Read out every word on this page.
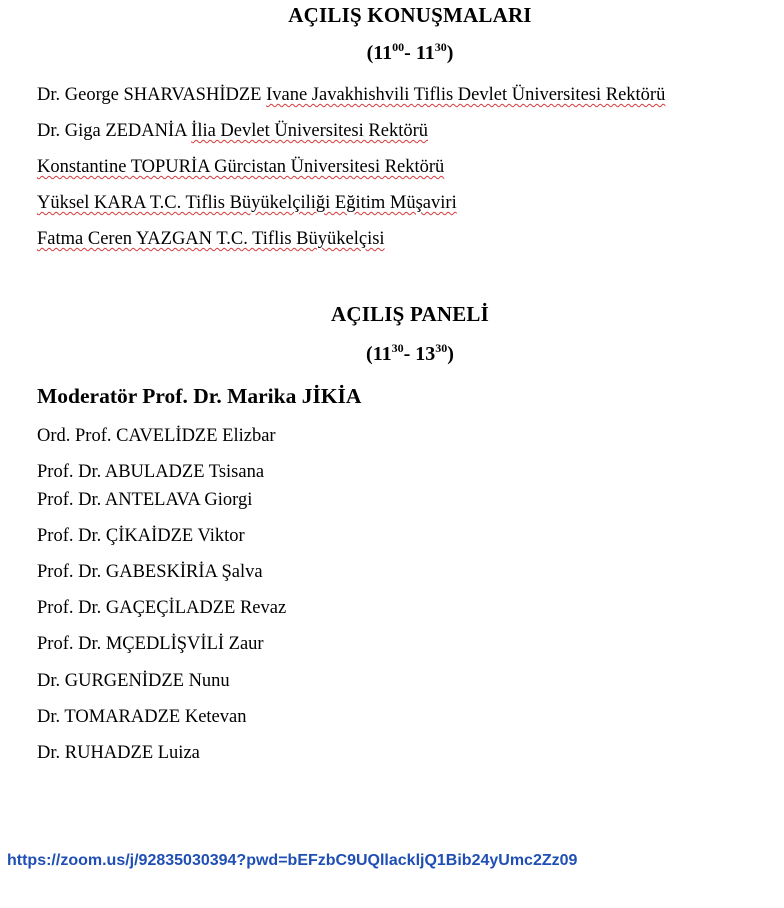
AÇILIŞ KONUŞMALARI
($11^{00}-$ $11^{30}$)
Dr. George SHARVASHİDZE Ivane Javakhishvili Tiflis Devlet Üniversitesi Rektörü
Dr. Giga ZEDANİA İlia Devlet Üniversitesi Rektörü
Konstantine TOPURİA Gürcistan Üniversitesi Rektörü
Yüksel KARA T.C. Tiflis Büyükelçiliği Eğitim Müşaviri
Fatma Ceren YAZGAN T.C. Tiflis Büyükelçisi
AÇILIŞ PANELİ
($11^{30}-$ $13^{30}$)
Moderatör Prof. Dr. Marika JİKİA
Ord. Prof. CAVELİDZE Elizbar
Prof. Dr. ABULADZE Tsisana
Prof. Dr. ANTELAVA Giorgi
Prof. Dr. ÇİKAİDZE Viktor
Prof. Dr. GABESKİRİA Şalva
Prof. Dr. GAÇEÇİLADZE Revaz
Prof. Dr. MÇEDLİŞVİLİ Zaur
Dr. GURGENİDZE Nunu
Dr. TOMARADZE Ketevan
Dr. RUHADZE Luiza
https://zoom.us/j/92835030394?pwd=bEFzbC9UQllackljQ1Bib24yUmc2Zz09
